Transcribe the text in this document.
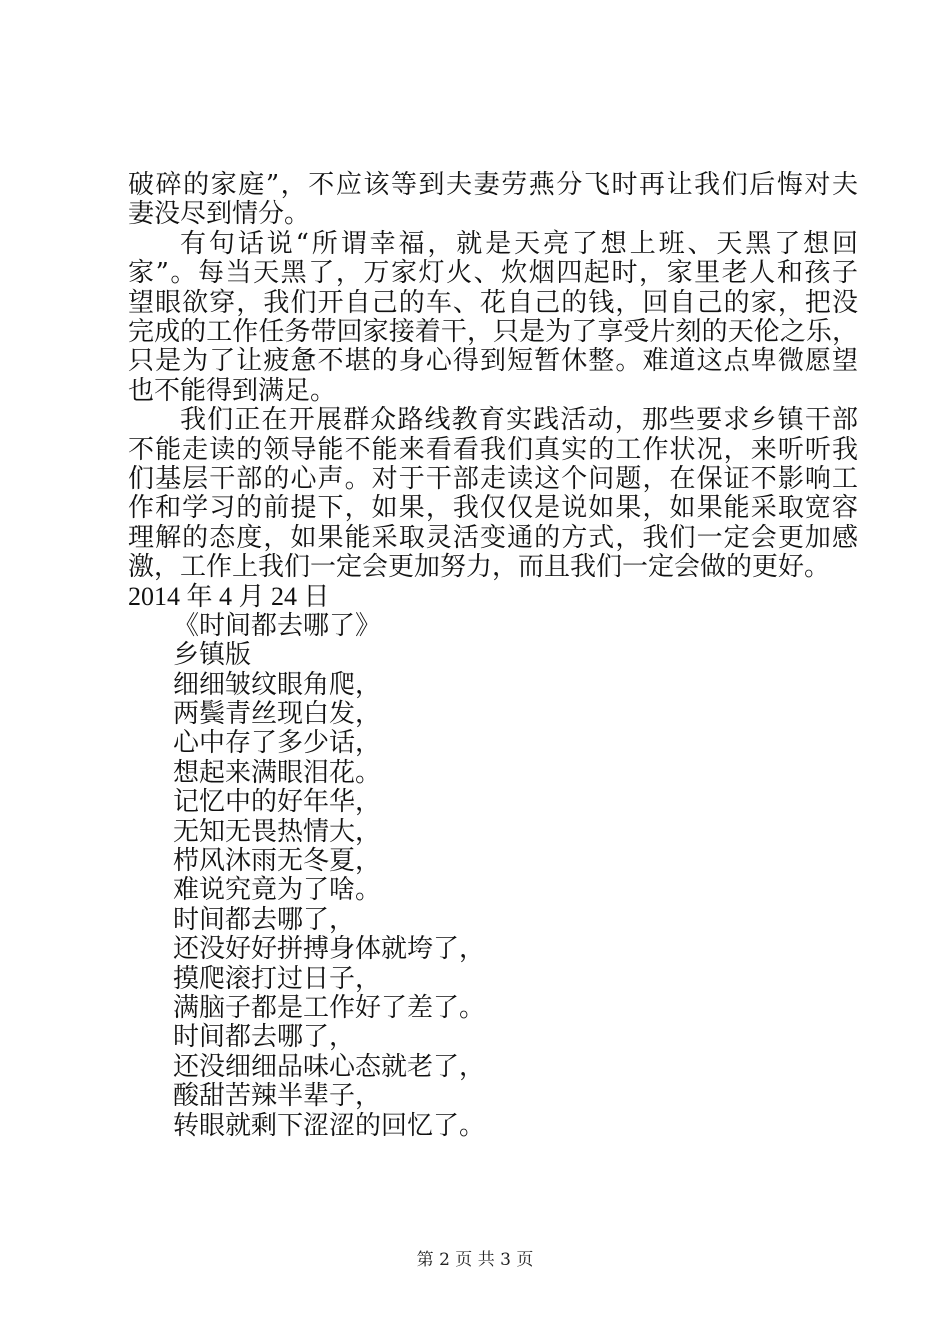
破碎的家庭”，不应该等到夫妻劳燕分飞时再让我们后悔对夫
妻没尽到情分。
有句话说“所谓幸福，就是天亮了想上班、天黑了想回
家”。每当天黑了，万家灯火、炊烟四起时，家里老人和孩子
望眼欲穿，我们开自己的车、花自己的钱，回自己的家，把没
完成的工作任务带回家接着干，只是为了享受片刻的天伦之乐，
只是为了让疲惫不堪的身心得到短暂休整。难道这点卑微愿望
也不能得到满足。
我们正在开展群众路线教育实践活动，那些要求乡镇干部
不能走读的领导能不能来看看我们真实的工作状况，来听听我
们基层干部的心声。对于干部走读这个问题，在保证不影响工
作和学习的前提下，如果，我仅仅是说如果，如果能采取宽容
理解的态度，如果能采取灵活变通的方式，我们一定会更加感
激，工作上我们一定会更加努力，而且我们一定会做的更好。
2014 年 4 月 24 日
《时间都去哪了》
乡镇版
细细皱纹眼角爬，
两鬓青丝现白发，
心中存了多少话，
想起来满眼泪花。
记忆中的好年华，
无知无畏热情大，
栉风沐雨无冬夏，
难说究竟为了啥。
时间都去哪了，
还没好好拼搏身体就垮了，
摸爬滚打过日子，
满脑子都是工作好了差了。
时间都去哪了，
还没细细品味心态就老了，
酸甜苦辣半辈子，
转眼就剩下涩涩的回忆了。
第 2 页 共 3 页
